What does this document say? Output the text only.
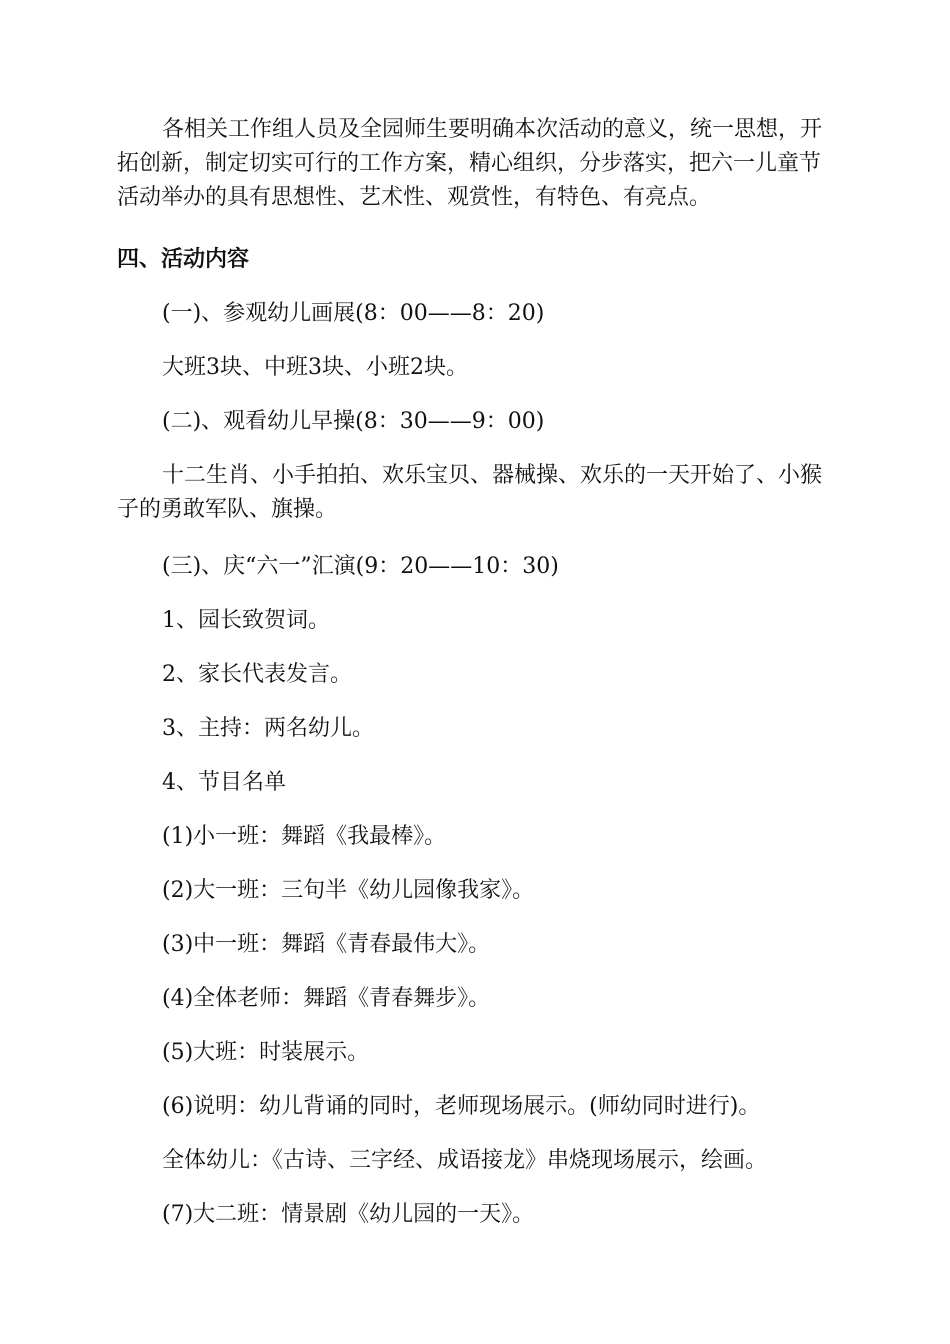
各相关工作组人员及全园师生要明确本次活动的意义，统一思想，开拓创新，制定切实可行的工作方案，精心组织，分步落实，把六一儿童节活动举办的具有思想性、艺术性、观赏性，有特色、有亮点。

四、活动内容

(一)、参观幼儿画展(8：00——8：20)

大班3块、中班3块、小班2块。

(二)、观看幼儿早操(8：30——9：00)

十二生肖、小手拍拍、欢乐宝贝、器械操、欢乐的一天开始了、小猴子的勇敢军队、旗操。

(三)、庆“六一”汇演(9：20——10：30)

1、园长致贺词。

2、家长代表发言。

3、主持：两名幼儿。

4、节目名单

(1)小一班：舞蹈《我最棒》。

(2)大一班：三句半《幼儿园像我家》。

(3)中一班：舞蹈《青春最伟大》。

(4)全体老师：舞蹈《青春舞步》。

(5)大班：时装展示。

(6)说明：幼儿背诵的同时，老师现场展示。(师幼同时进行)。

全体幼儿：《古诗、三字经、成语接龙》串烧现场展示，绘画。

(7)大二班：情景剧《幼儿园的一天》。
